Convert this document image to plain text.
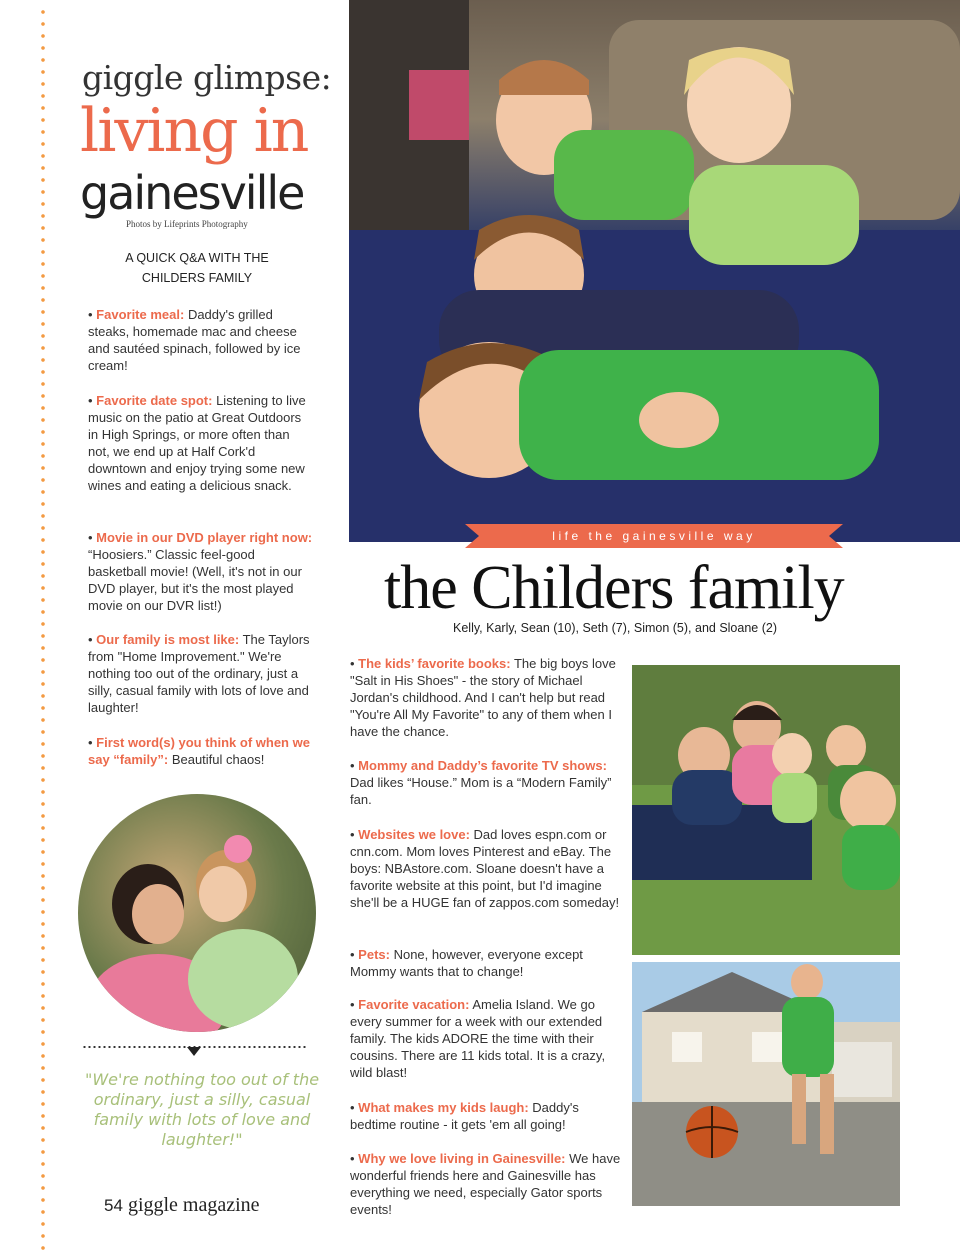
giggle glimpse:
living in
gainesville
Photos by Lifeprints Photography
A QUICK Q&A WITH THE
CHILDERS FAMILY
• Favorite meal: Daddy's grilled steaks, homemade mac and cheese and sautéed spinach, followed by ice cream!
• Favorite date spot: Listening to live music on the patio at Great Outdoors in High Springs, or more often than not, we end up at Half Cork'd downtown and enjoy trying some new wines and eating a delicious snack.
• Movie in our DVD player right now: “Hoosiers.” Classic feel-good basketball movie! (Well, it's not in our DVD player, but it's the most played movie on our DVR list!)
• Our family is most like: The Taylors from "Home Improvement." We're nothing too out of the ordinary, just a silly, casual family with lots of love and laughter!
• First word(s) you think of when we say “family”: Beautiful chaos!
"We're nothing too out of the ordinary, just a silly, casual family with lots of love and laughter!"
54 giggle magazine
life the gainesville way
the Childers family
Kelly, Karly, Sean (10), Seth (7), Simon (5), and Sloane (2)
• The kids’ favorite books: The big boys love "Salt in His Shoes" - the story of Michael Jordan's childhood. And I can't help but read "You're All My Favorite" to any of them when I have the chance.
• Mommy and Daddy’s favorite TV shows: Dad likes “House.” Mom is a “Modern Family” fan.
• Websites we love: Dad loves espn.com or cnn.com. Mom loves Pinterest and eBay. The boys: NBAstore.com. Sloane doesn't have a favorite website at this point, but I'd imagine she'll be a HUGE fan of zappos.com someday!
• Pets: None, however, everyone except Mommy wants that to change!
• Favorite vacation: Amelia Island. We go every summer for a week with our extended family. The kids ADORE the time with their cousins. There are 11 kids total. It is a crazy, wild blast!
• What makes my kids laugh: Daddy's bedtime routine - it gets 'em all going!
• Why we love living in Gainesville: We have wonderful friends here and Gainesville has everything we need, especially Gator sports events!
